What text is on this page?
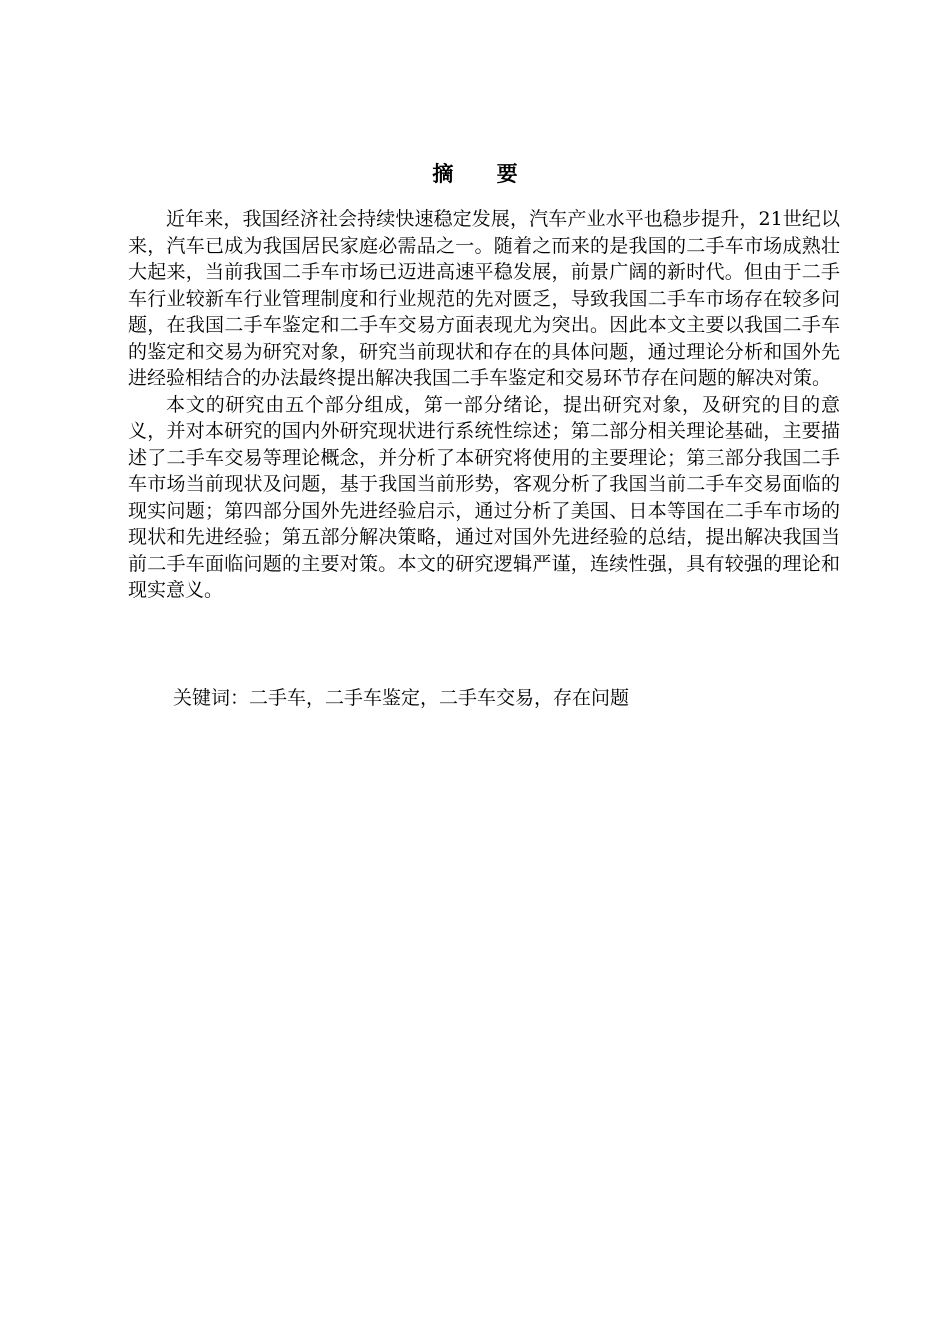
摘 要

近年来，我国经济社会持续快速稳定发展，汽车产业水平也稳步提升，21世纪以来，汽车已成为我国居民家庭必需品之一。随着之而来的是我国的二手车市场成熟壮大起来，当前我国二手车市场已迈进高速平稳发展，前景广阔的新时代。但由于二手车行业较新车行业管理制度和行业规范的先对匮乏，导致我国二手车市场存在较多问题，在我国二手车鉴定和二手车交易方面表现尤为突出。因此本文主要以我国二手车的鉴定和交易为研究对象，研究当前现状和存在的具体问题，通过理论分析和国外先进经验相结合的办法最终提出解决我国二手车鉴定和交易环节存在问题的解决对策。

本文的研究由五个部分组成，第一部分绪论，提出研究对象，及研究的目的意义，并对本研究的国内外研究现状进行系统性综述；第二部分相关理论基础，主要描述了二手车交易等理论概念，并分析了本研究将使用的主要理论；第三部分我国二手车市场当前现状及问题，基于我国当前形势，客观分析了我国当前二手车交易面临的现实问题；第四部分国外先进经验启示，通过分析了美国、日本等国在二手车市场的现状和先进经验；第五部分解决策略，通过对国外先进经验的总结，提出解决我国当前二手车面临问题的主要对策。本文的研究逻辑严谨，连续性强，具有较强的理论和现实意义。

关键词：二手车，二手车鉴定，二手车交易，存在问题
